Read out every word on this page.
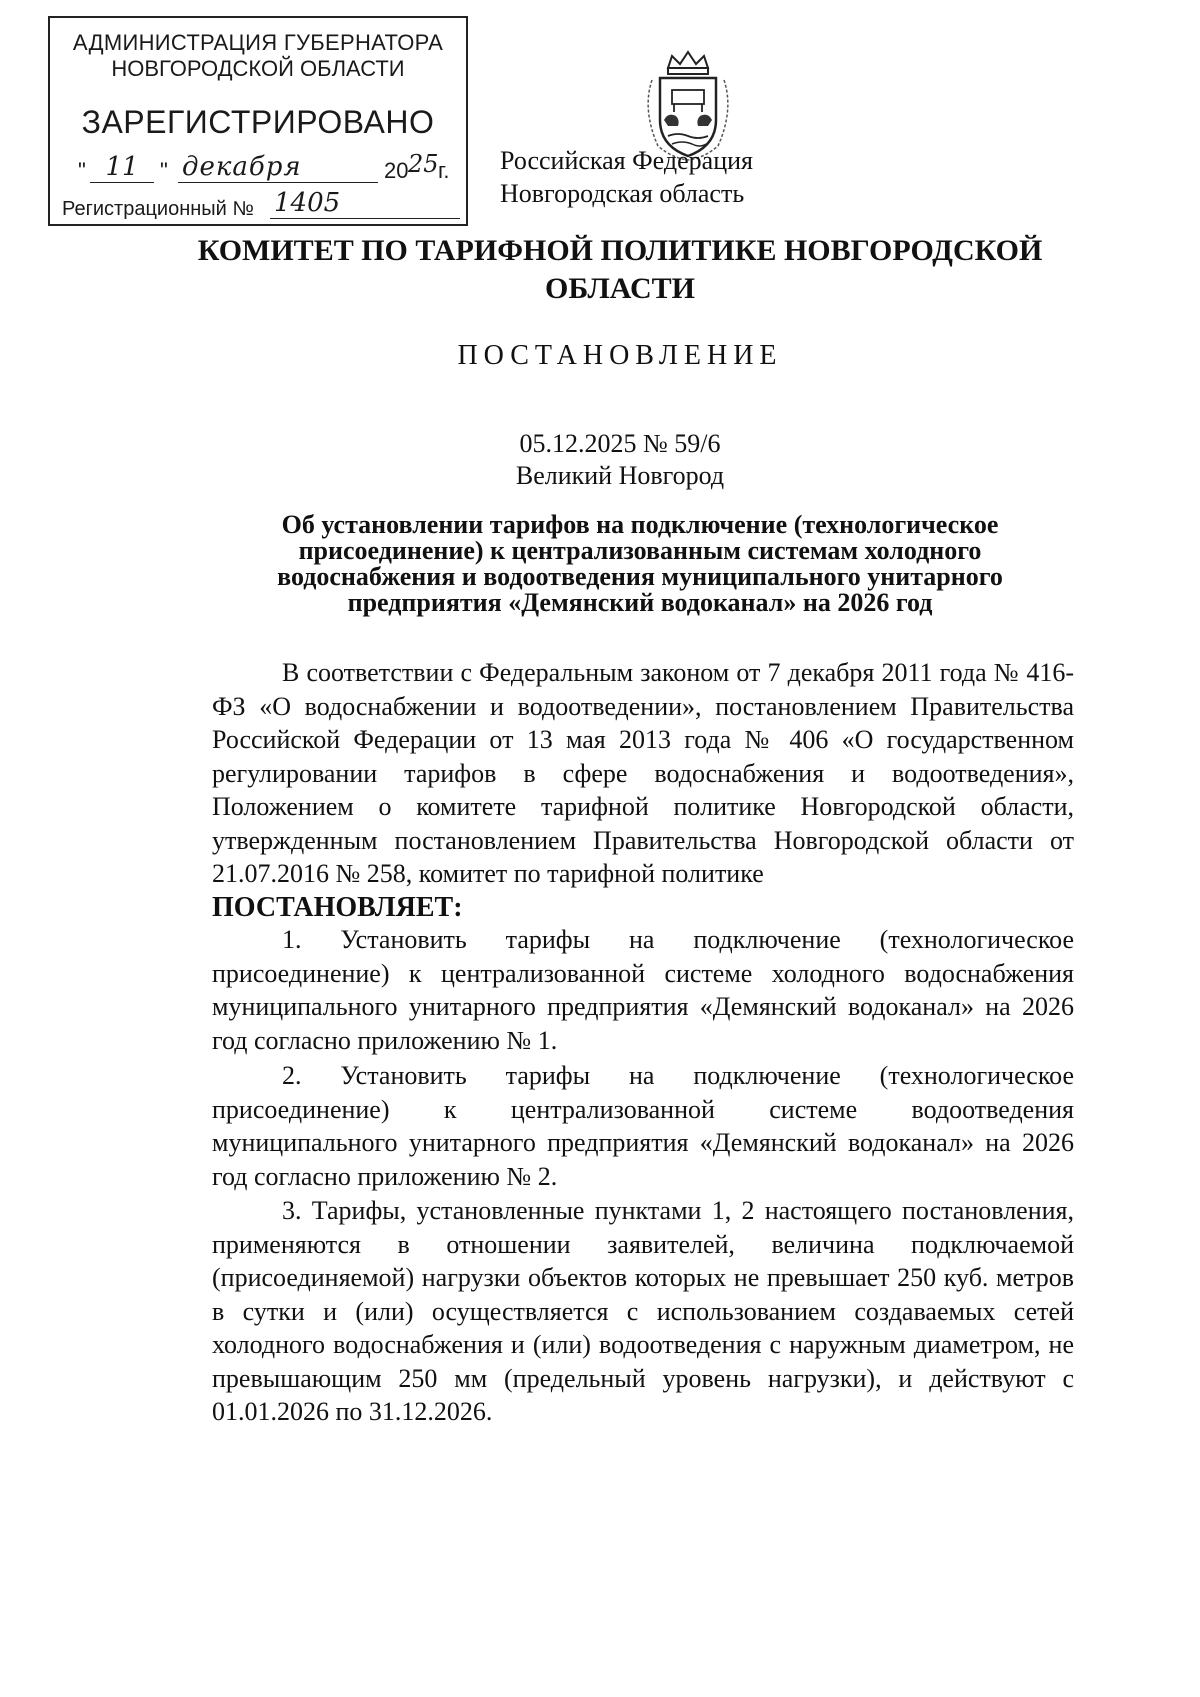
АДМИНИСТРАЦИЯ ГУБЕРНАТОРА
НОВГОРОДСКОЙ ОБЛАСТИ
ЗАРЕГИСТРИРОВАНО
" 11 " декабря	20 25 г.
Регистрационный № 1405
Российская Федерация
Новгородская область
КОМИТЕТ ПО ТАРИФНОЙ ПОЛИТИКЕ НОВГОРОДСКОЙ ОБЛАСТИ
ПОСТАНОВЛЕНИЕ
05.12.2025 № 59/6
Великий Новгород
Об установлении тарифов на подключение (технологическое
присоединение) к централизованным системам холодного
водоснабжения и водоотведения муниципального унитарного
предприятия «Демянский водоканал» на 2026 год
В соответствии с Федеральным законом от 7 декабря 2011 года № 416-ФЗ «О водоснабжении и водоотведении», постановлением Правительства Российской Федерации от 13 мая 2013 года № 406 «О государственном регулировании тарифов в сфере водоснабжения и водоотведения», Положением о комитете тарифной политике Новгородской области, утвержденным постановлением Правительства Новгородской области от 21.07.2016 № 258, комитет по тарифной политике
ПОСТАНОВЛЯЕТ:
1. Установить тарифы на подключение (технологическое присоединение) к централизованной системе холодного водоснабжения муниципального унитарного предприятия «Демянский водоканал» на 2026 год согласно приложению № 1.
2. Установить тарифы на подключение (технологическое присоединение) к централизованной системе водоотведения муниципального унитарного предприятия «Демянский водоканал» на 2026 год согласно приложению № 2.
3. Тарифы, установленные пунктами 1, 2 настоящего постановления, применяются в отношении заявителей, величина подключаемой (присоединяемой) нагрузки объектов которых не превышает 250 куб. метров в сутки и (или) осуществляется с использованием создаваемых сетей холодного водоснабжения и (или) водоотведения с наружным диаметром, не превышающим 250 мм (предельный уровень нагрузки), и действуют с 01.01.2026 по 31.12.2026.
